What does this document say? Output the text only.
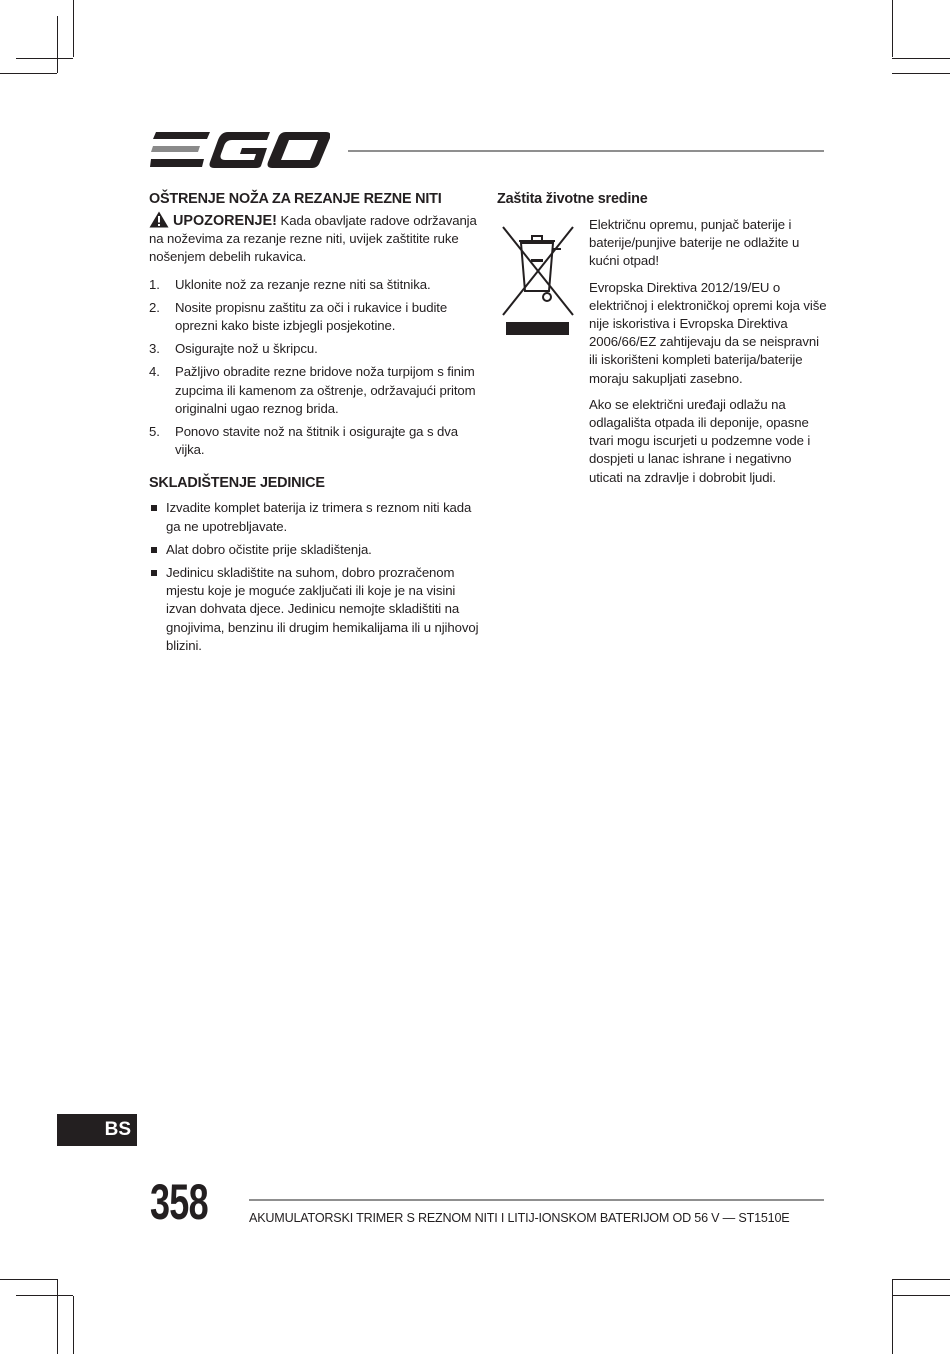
OŠTRENJE NOŽA ZA REZANJE REZNE NITI

UPOZORENJE! Kada obavljate radove održavanja na noževima za rezanje rezne niti, uvijek zaštitite ruke nošenjem debelih rukavica.

1. Uklonite nož za rezanje rezne niti sa štitnika.
2. Nosite propisnu zaštitu za oči i rukavice i budite oprezni kako biste izbjegli posjekotine.
3. Osigurajte nož u škripcu.
4. Pažljivo obradite rezne bridove noža turpijom s finim zupcima ili kamenom za oštrenje, održavajući pritom originalni ugao reznog brida.
5. Ponovo stavite nož na štitnik i osigurajte ga s dva vijka.
SKLADIŠTENJE JEDINICE
Izvadite komplet baterija iz trimera s reznom niti kada ga ne upotrebljavate.
Alat dobro očistite prije skladištenja.
Jedinicu skladištite na suhom, dobro prozračenom mjestu koje je moguće zaključati ili koje je na visini izvan dohvata djece. Jedinicu nemojte skladištiti na gnojivima, benzinu ili drugim hemikalijama ili u njihovoj blizini.
Zaštita životne sredine

Električnu opremu, punjač baterije i baterije/punjive baterije ne odlažite u kućni otpad!

Evropska Direktiva 2012/19/EU o električnoj i elektroničkoj opremi koja više nije iskoristiva i Evropska Direktiva 2006/66/EZ zahtijevaju da se neispravni ili iskorišteni kompleti baterija/baterije moraju sakupljati zasebno.

Ako se električni uređaji odlažu na odlagališta otpada ili deponije, opasne tvari mogu iscurjeti u podzemne vode i dospjeti u lanac ishrane i negativno uticati na zdravlje i dobrobit ljudi.

BS
358	AKUMULATORSKI TRIMER S REZNOM NITI I LITIJ-IONSKOM BATERIJOM OD 56 V — ST1510E
